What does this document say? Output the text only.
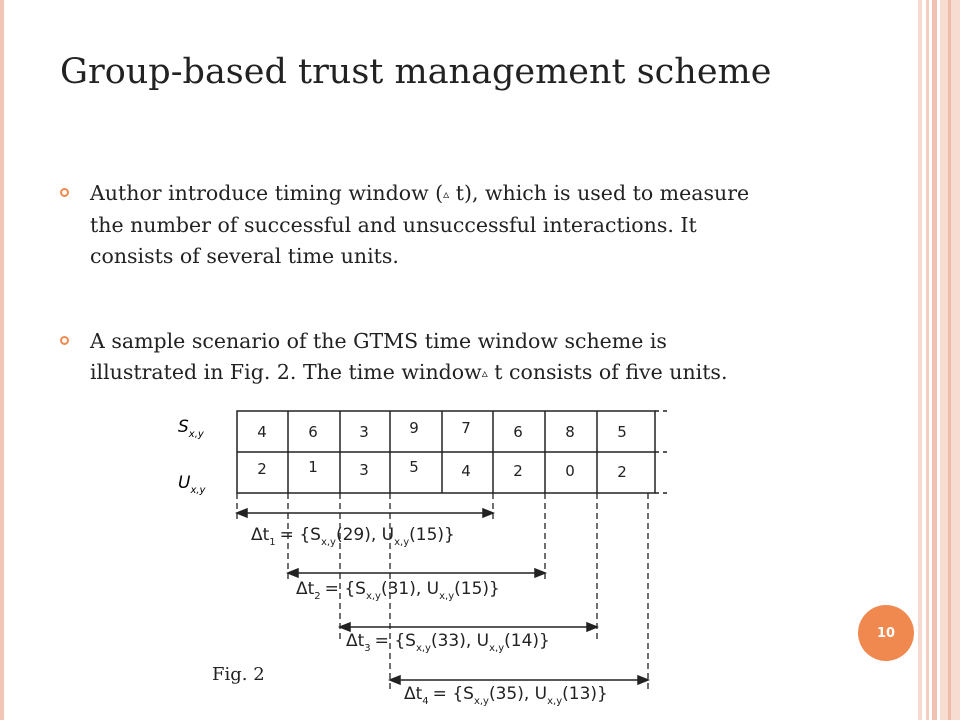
Group-based trust management scheme
Author introduce timing window (▵ t), which is used to measure the number of successful and unsuccessful interactions. It consists of several time units.
A sample scenario of the GTMS time window scheme is illustrated in Fig. 2. The time window▵ t consists of five units.
$S_{x,y}$
$U_{x,y}$
4	6	3	9	7	6	8	5
2	1	3	5	4	2	0	2
$\Delta t_1 = \{S_{x,y}(29)$, $U_{x,y}(15)$}
$\Delta t_2 = \{S_{x,y}(31)$, $U_{x,y}(15)$}
$\Delta t_3 = \{S_{x,y}(33)$, $U_{x,y}(14)$}
$\Delta t_4 = \{S_{x,y}(35)$, $U_{x,y}(13)$}
Fig. 2
10
